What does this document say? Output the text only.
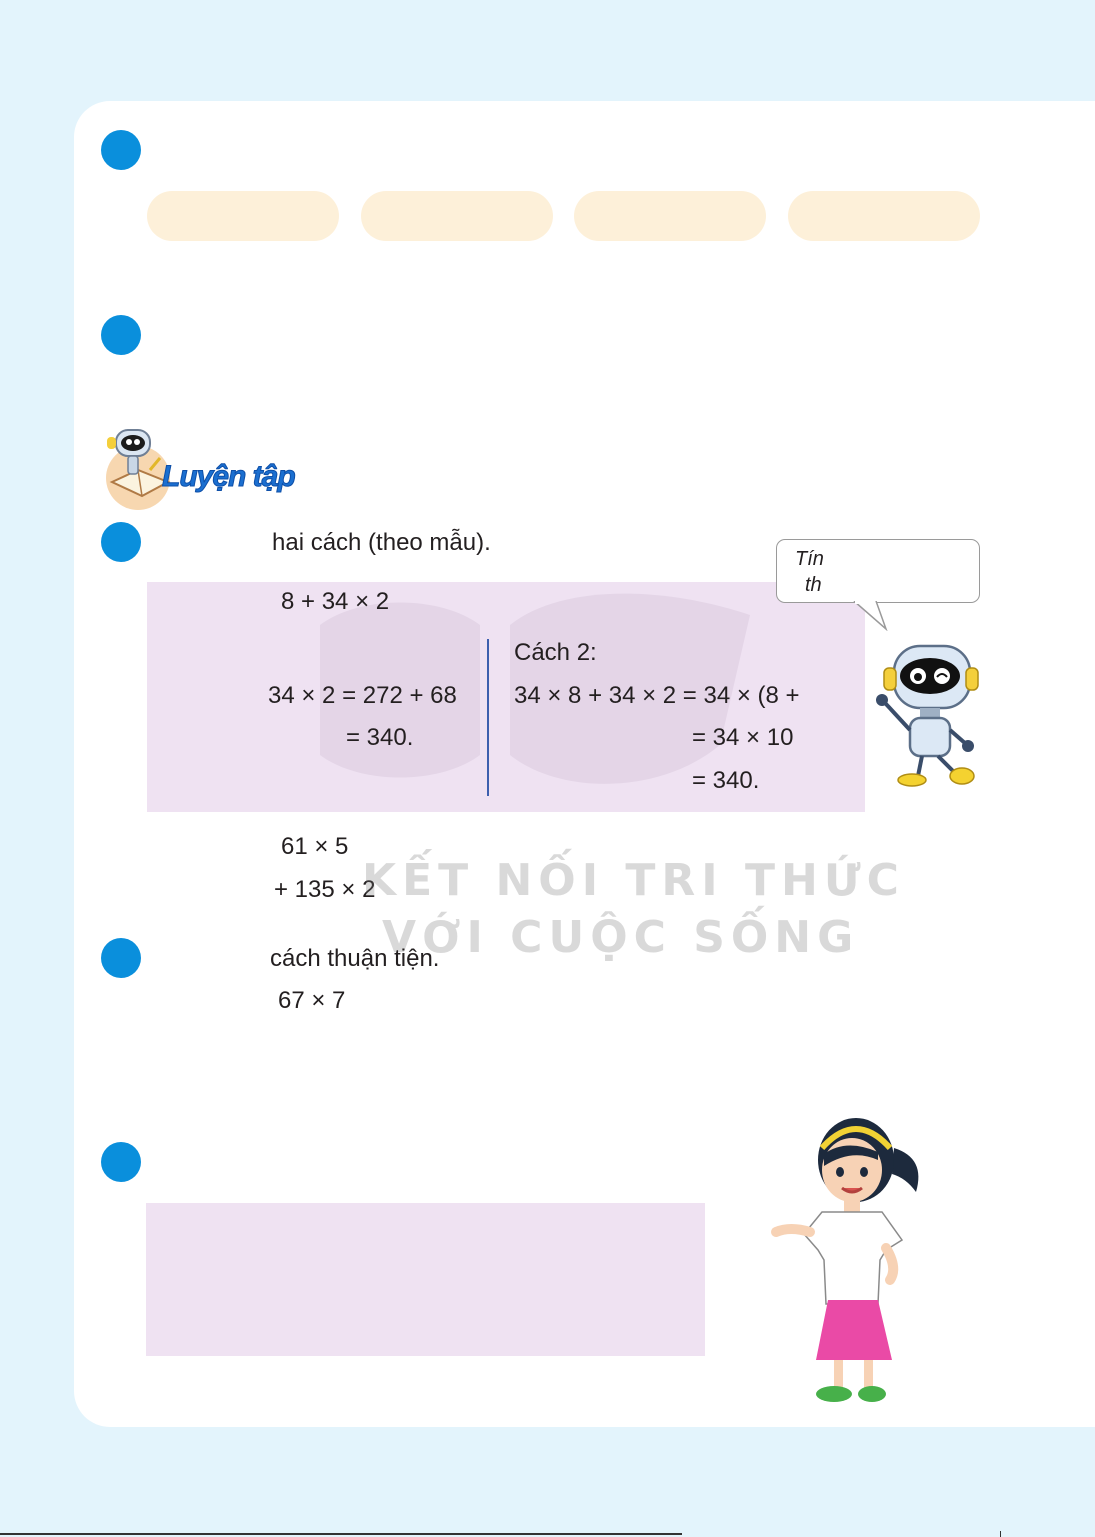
Luyện tập
hai cách (theo mẫu).
8 + 34 × 2
34 × 2 = 272 + 68
= 340.
Cách 2:
34 × 8 + 34 × 2 = 34 × (8 +
= 34 × 10
= 340.
Tín
th
61 × 5
+ 135 × 2
KẾT NỐI TRI THỨC
VỚI CUỘC SỐNG
cách thuận tiện.
67 × 7
